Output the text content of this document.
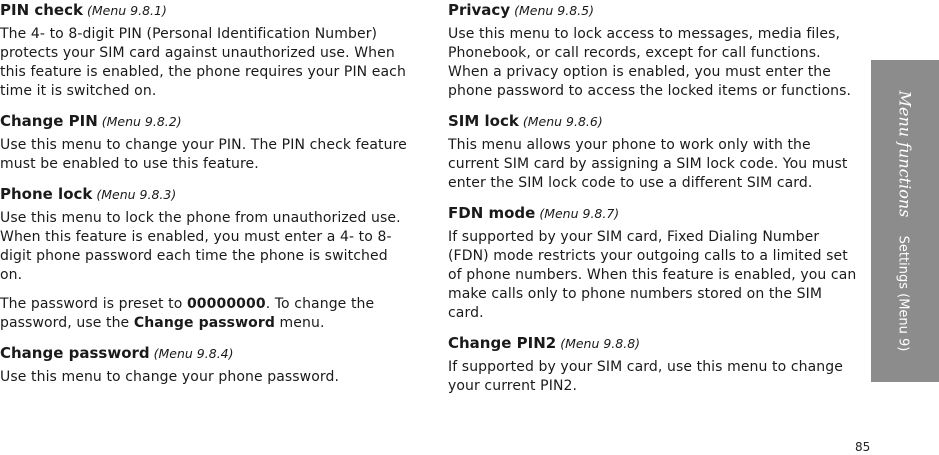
PIN check (Menu 9.8.1)

The 4- to 8-digit PIN (Personal Identification Number) protects your SIM card against unauthorized use. When this feature is enabled, the phone requires your PIN each time it is switched on.

Change PIN (Menu 9.8.2)

Use this menu to change your PIN. The PIN check feature must be enabled to use this feature.

Phone lock (Menu 9.8.3)

Use this menu to lock the phone from unauthorized use. When this feature is enabled, you must enter a 4- to 8-digit phone password each time the phone is switched on.

The password is preset to 00000000. To change the password, use the Change password menu.

Change password (Menu 9.8.4)

Use this menu to change your phone password.

Privacy (Menu 9.8.5)

Use this menu to lock access to messages, media files, Phonebook, or call records, except for call functions. When a privacy option is enabled, you must enter the phone password to access the locked items or functions.

SIM lock (Menu 9.8.6)

This menu allows your phone to work only with the current SIM card by assigning a SIM lock code. You must enter the SIM lock code to use a different SIM card.

FDN mode (Menu 9.8.7)

If supported by your SIM card, Fixed Dialing Number (FDN) mode restricts your outgoing calls to a limited set of phone numbers. When this feature is enabled, you can make calls only to phone numbers stored on the SIM card.

Change PIN2 (Menu 9.8.8)

If supported by your SIM card, use this menu to change your current PIN2.

Menu functions Settings (Menu 9)
85
